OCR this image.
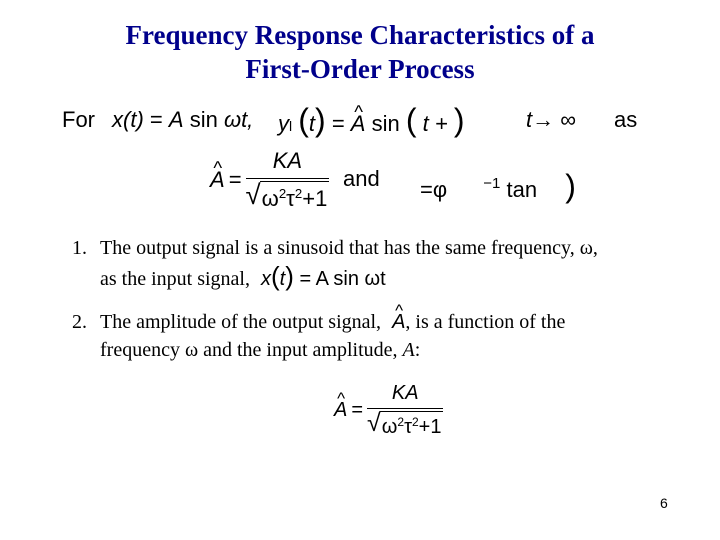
Frequency Response Characteristics of a
First-Order Process
For x(t) = A sin ωt, yl (t) = ^ A sin ( t + )	t→ ∞ as
^ $A = \frac{KA}{√ \omega^2\tau^2+1}$ and =φ $^{-1}$ tan )
1. The output signal is a sinusoid that has the same frequency, ω,
as the input signal, x(t) = A sin ωt
2. The amplitude of the output signal, ^ A, is a function of the
frequency ω and the input amplitude, A:
^ $A = \frac{KA}{√ \omega^2\tau^2+1}$
6
